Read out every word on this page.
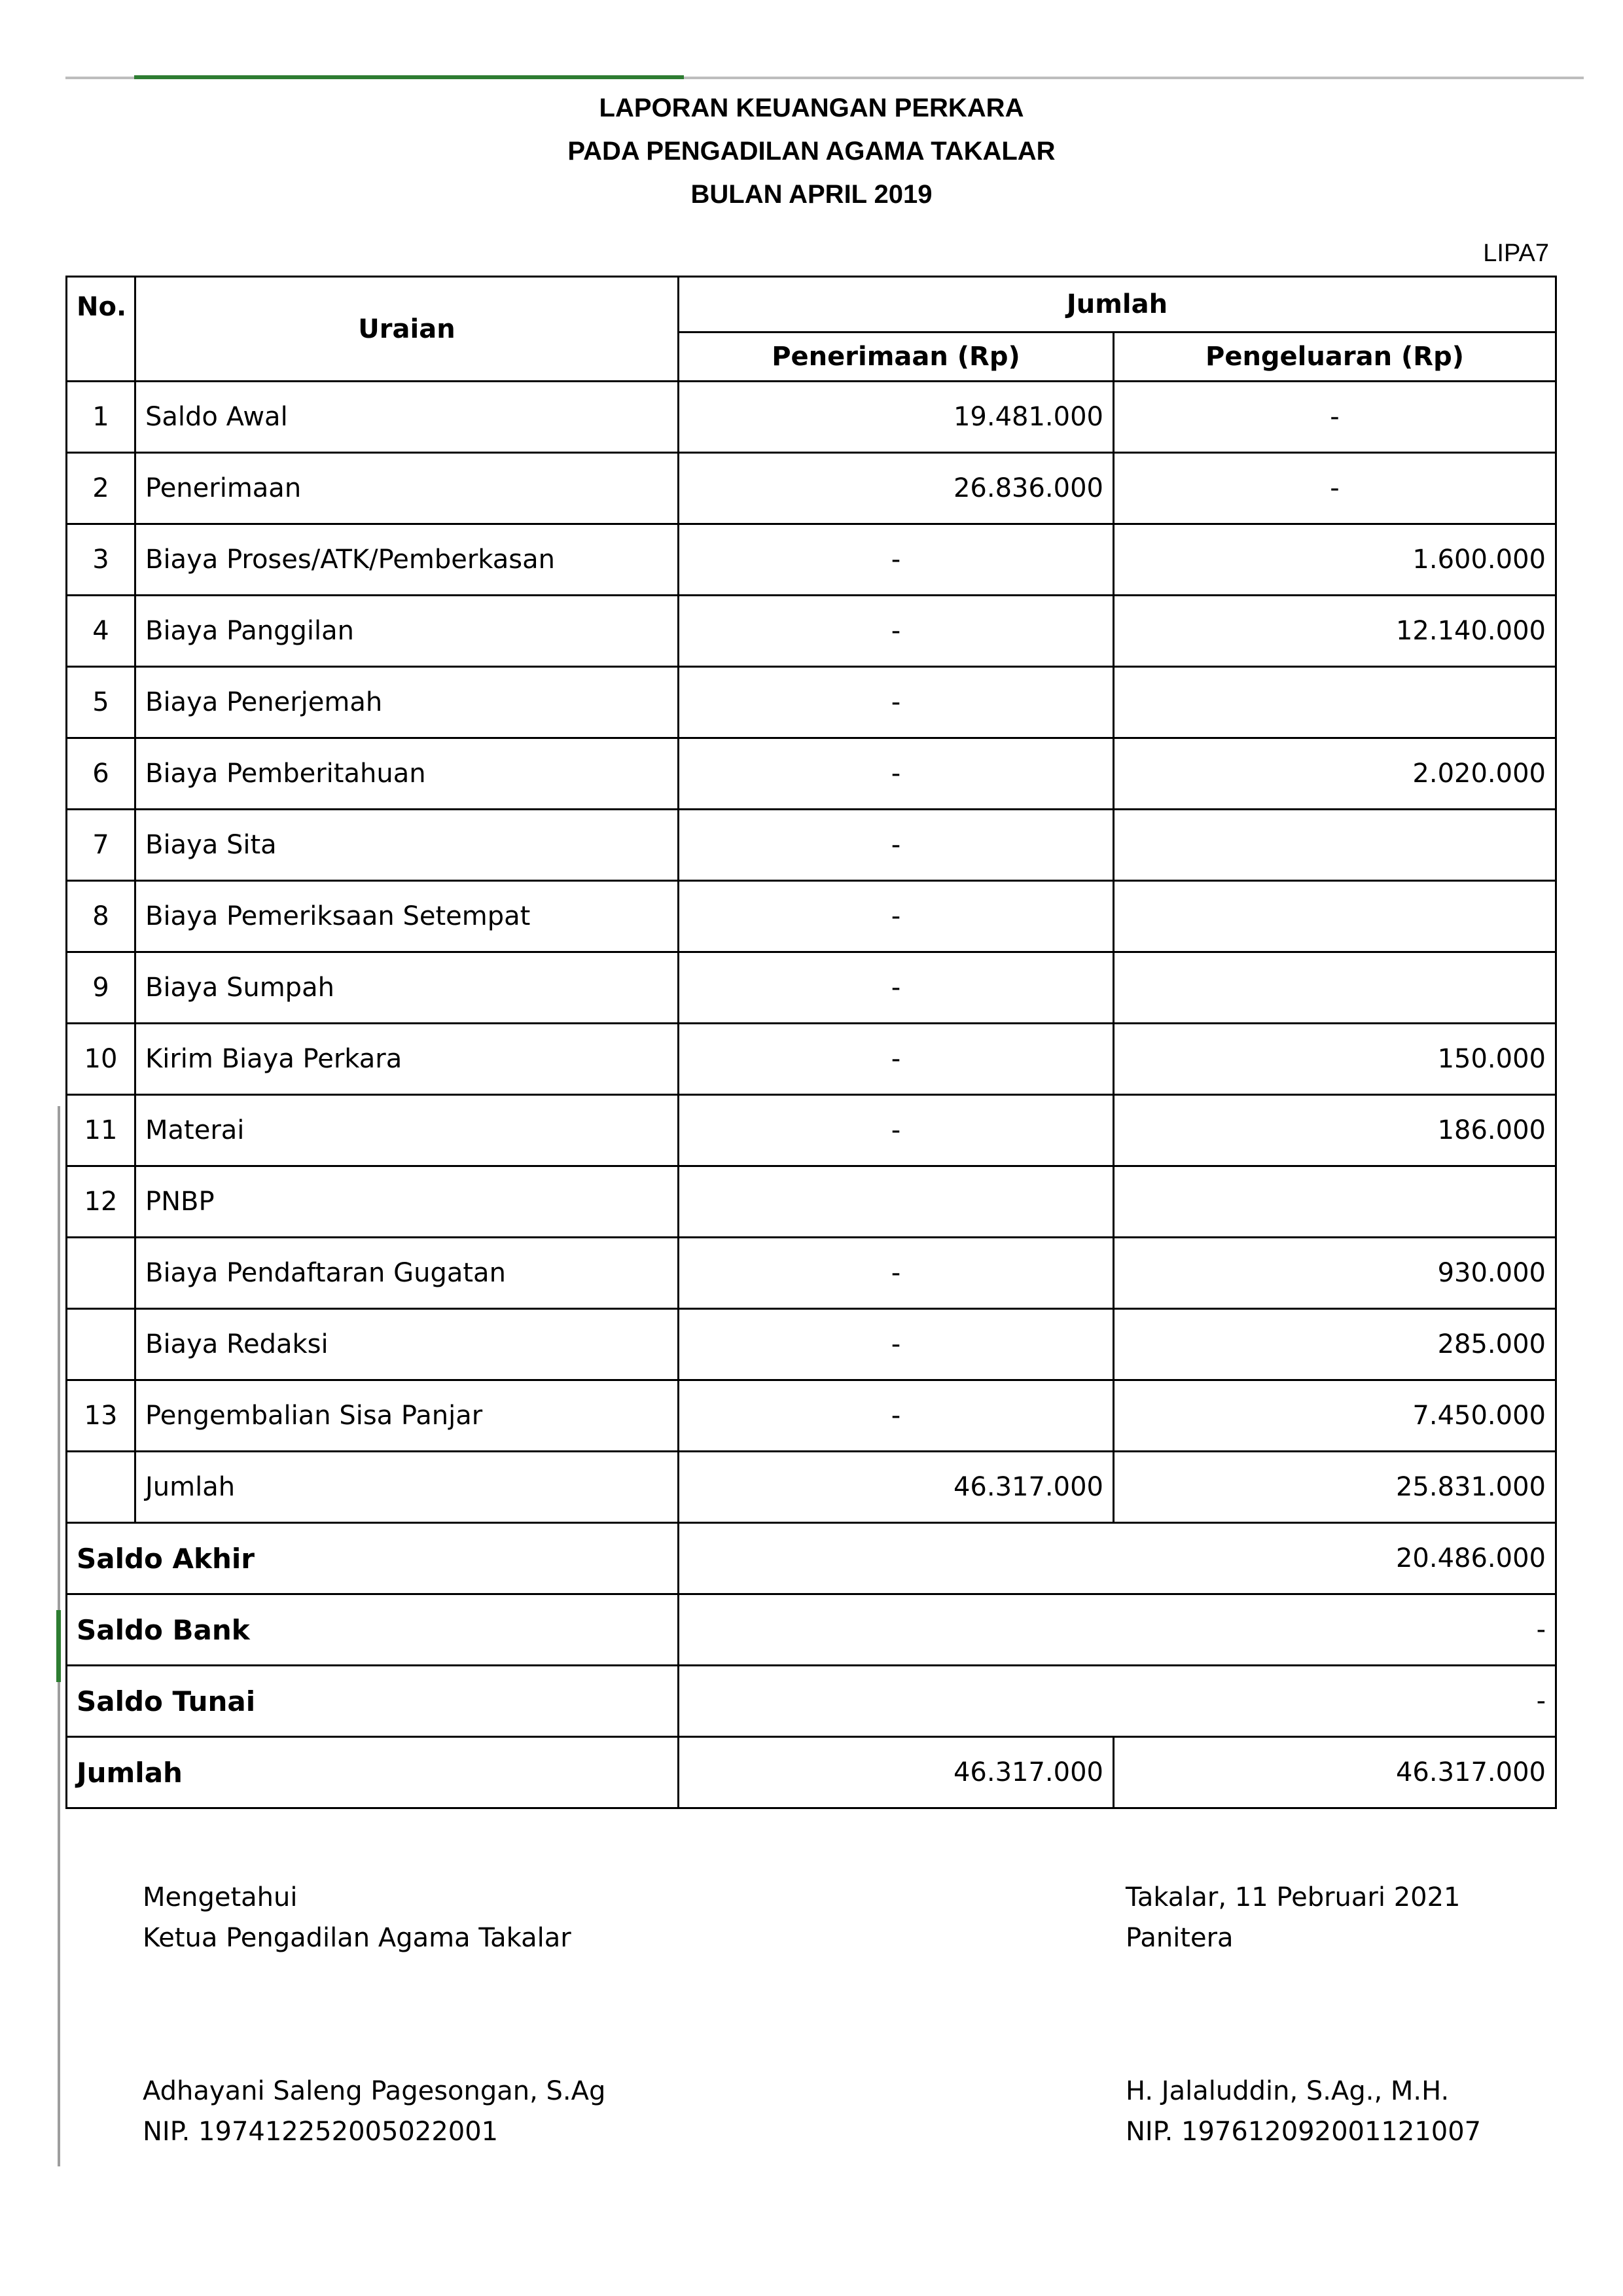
LAPORAN KEUANGAN PERKARA
PADA PENGADILAN AGAMA TAKALAR
BULAN APRIL 2019
LIPA7
No.	Uraian	Jumlah	
		Penerimaan (Rp)	Pengeluaran (Rp)
1	Saldo Awal	19.481.000	-
2	Penerimaan	26.836.000	-
3	Biaya Proses/ATK/Pemberkasan	-	1.600.000
4	Biaya Panggilan	-	12.140.000
5	Biaya Penerjemah	-	
6	Biaya Pemberitahuan	-	2.020.000
7	Biaya Sita	-	
8	Biaya Pemeriksaan Setempat	-	
9	Biaya Sumpah	-	
10	Kirim Biaya Perkara	-	150.000
11	Materai	-	186.000
12	PNBP		
	Biaya Pendaftaran Gugatan	-	930.000
	Biaya Redaksi	-	285.000
13	Pengembalian Sisa Panjar	-	7.450.000
	Jumlah	46.317.000	25.831.000
Saldo Akhir		20.486.000	
Saldo Bank		-	
Saldo Tunai		-	
Jumlah		46.317.000	46.317.000
Mengetahui
Ketua Pengadilan Agama Takalar
Adhayani Saleng Pagesongan, S.Ag
NIP. 197412252005022001
Takalar, 11 Pebruari 2021
Panitera
H. Jalaluddin, S.Ag., M.H.
NIP. 197612092001121007
